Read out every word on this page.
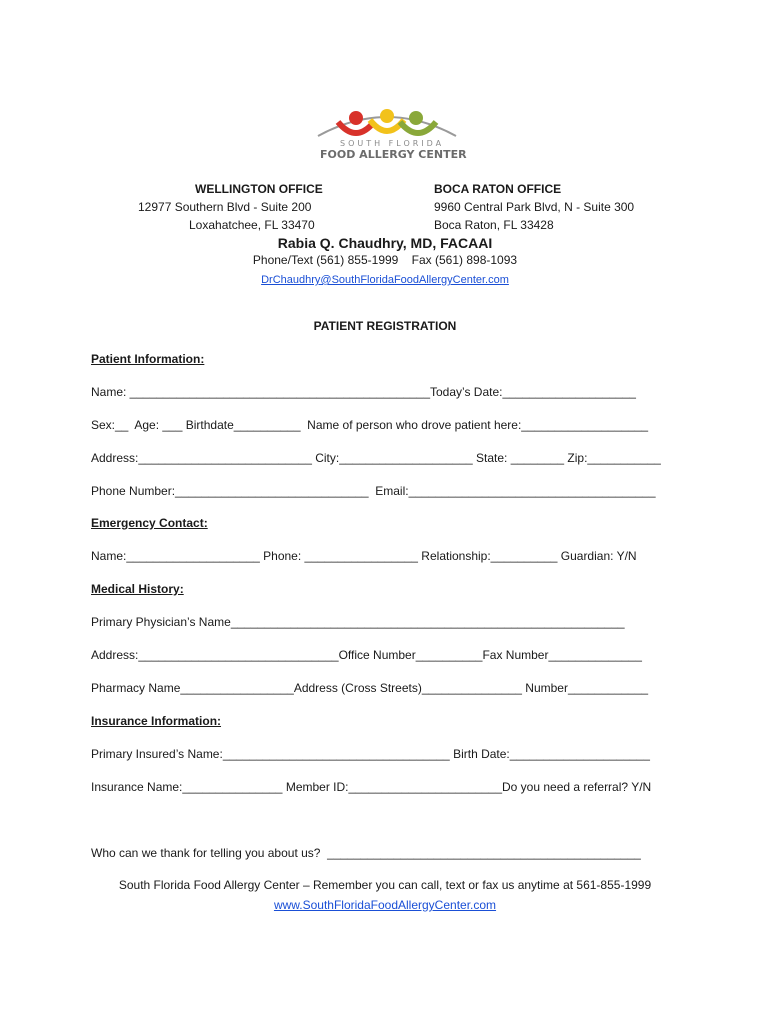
SOUTH FLORIDA
FOOD ALLERGY CENTER
WELLINGTON OFFICE
12977 Southern Blvd - Suite 200
Loxahatchee, FL 33470
BOCA RATON OFFICE
9960 Central Park Blvd, N - Suite 300
Boca Raton, FL 33428
Rabia Q. Chaudhry, MD, FACAAI
Phone/Text (561) 855-1999    Fax (561) 898-1093
DrChaudhry@SouthFloridaFoodAllergyCenter.com
PATIENT REGISTRATION
Patient Information:
Name: _____________________________________________Today’s Date:____________________
Sex:__  Age: ___ Birthdate__________  Name of person who drove patient here:___________________
Address:__________________________ City:____________________ State: ________ Zip:___________
Phone Number:_____________________________  Email:_____________________________________
Emergency Contact:
Name:____________________ Phone: _________________ Relationship:__________ Guardian: Y/N
Medical History:
Primary Physician’s Name___________________________________________________________
Address:______________________________Office Number__________Fax Number______________
Pharmacy Name_________________Address (Cross Streets)_______________ Number____________
Insurance Information:
Primary Insured’s Name:__________________________________ Birth Date:_____________________
Insurance Name:_______________ Member ID:_______________________Do you need a referral? Y/N
Who can we thank for telling you about us?  _______________________________________________
South Florida Food Allergy Center – Remember you can call, text or fax us anytime at 561-855-1999
www.SouthFloridaFoodAllergyCenter.com
